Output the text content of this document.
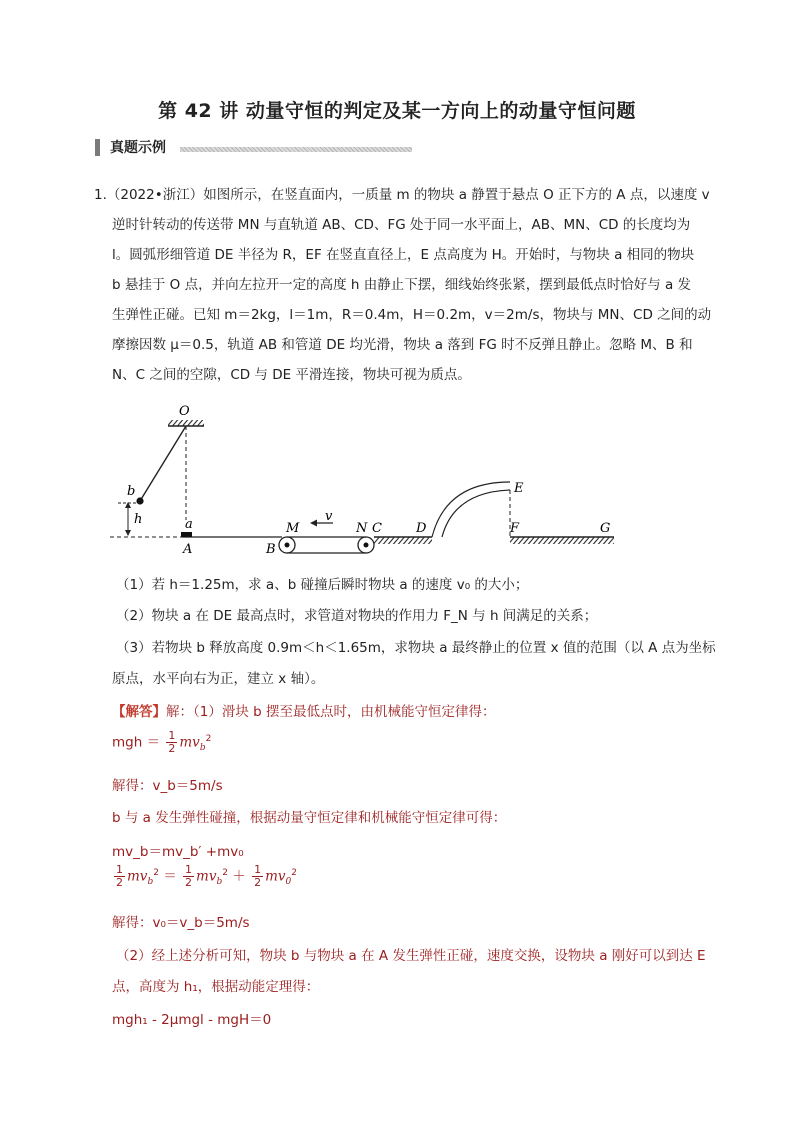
第 42 讲 动量守恒的判定及某一方向上的动量守恒问题
真题示例
1.（2022•浙江）如图所示，在竖直面内，一质量 m 的物块 a 静置于悬点 O 正下方的 A 点，以速度 v
逆时针转动的传送带 MN 与直轨道 AB、CD、FG 处于同一水平面上，AB、MN、CD 的长度均为
l。圆弧形细管道 DE 半径为 R，EF 在竖直直径上，E 点高度为 H。开始时，与物块 a 相同的物块
b 悬挂于 O 点，并向左拉开一定的高度 h 由静止下摆，细线始终张紧，摆到最低点时恰好与 a 发
生弹性正碰。已知 m＝2kg，l＝1m，R＝0.4m，H＝0.2m，v＝2m/s，物块与 MN、CD 之间的动
摩擦因数 μ＝0.5，轨道 AB 和管道 DE 均光滑，物块 a 落到 FG 时不反弹且静止。忽略 M、B 和
N、C 之间的空隙，CD 与 DE 平滑连接，物块可视为质点。
O
b
h	a
A
M
B
v
N C	D
E
F	G
（1）若 h＝1.25m，求 a、b 碰撞后瞬时物块 a 的速度 v₀ 的大小；
（2）物块 a 在 DE 最高点时，求管道对物块的作用力 F_N 与 h 间满足的关系；
（3）若物块 b 释放高度 0.9m＜h＜1.65m，求物块 a 最终静止的位置 x 值的范围（以 A 点为坐标
原点，水平向右为正，建立 x 轴）。
【解答】解：（1）滑块 b 摆至最低点时，由机械能守恒定律得：
mgh ＝ $\frac{1}{2} mv_b^2$
解得：v_b＝5m/s
b 与 a 发生弹性碰撞，根据动量守恒定律和机械能守恒定律可得：
mv_b＝mv_b′ +mv₀
$\frac{1}{2} mv_b^2 = \frac{1}{2} mv_b^2 + \frac{1}{2} mv_0^2$
解得：v₀＝v_b＝5m/s
（2）经上述分析可知，物块 b 与物块 a 在 A 发生弹性正碰，速度交换，设物块 a 刚好可以到达 E
点，高度为 h₁，根据动能定理得：
mgh₁ - 2μmgl - mgH＝0
